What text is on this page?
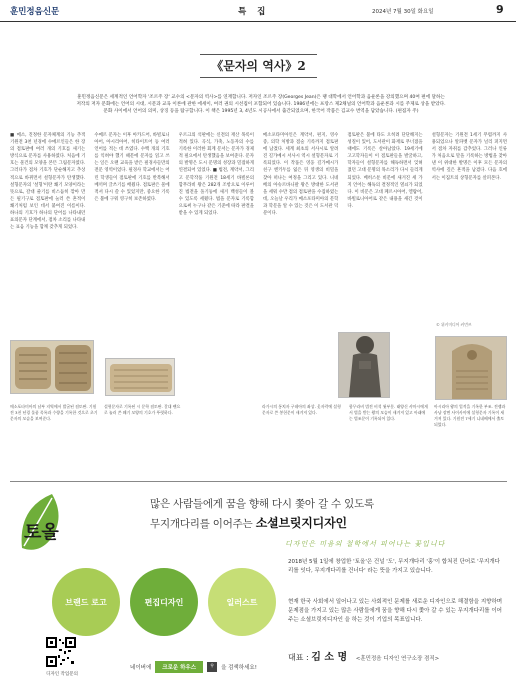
훈민정음신문	특 집	2024년 7월 30일 화요일	9
《문자의 역사》2
훈민정음신문은 세계적인 언어학자 '조르주 장' 교수의 <문자의 역사>를 연재합니다. 저자인 조르주 장(Georges Jean)은 랭 대학에서 언어학과 음운론을 강의했으며 40여 편에 달하는 저작의 저자 문화에는 언어의 시대, 시문과 교육 이론에 관한 에세이, 여러 권의 시선집이 포함되어 있습니다. 1986년에는 프랑스 제2채널의 언어학과 음운론과 시를 주제로 상을 받았다. 문화 사이에서 언어의 의미, 상징 등을 탐구합니다. 이 책은 1995년 3, 4년도 시공사에서 출간되었으며, 한국어 작품은 김교수 번역을 담았습니다. (편집자 주)
■ 메소, 진정한 문자체계의 기능 추적 기원전 3천 년경에 수메르인들은 한 장의 점토판에 여러 개의 기호를 새기는 방식으로 문자를 사용하였다. 처음에 기호는 물건의 모양을 본뜬 그림문자였다. 그러다가 점차 기호가 단순해지고 추상적으로 바뀌면서 설형문자가 탄생했다. 설형문자의 '설형'이란 쐐기 모양이라는 뜻으로, 갈대 줄기를 비스듬히 깎아 만든 필기구로 점토판에 눌러 쓴 흔적이 쐐기처럼 보인 데서 붙여진 이름이다. 하나의 기호가 하나의 단어를 나타내던 표의문자 단계에서, 점차 소리를 나타내는 표음 기능을 함께 갖추게 되었다.
수메르 문자는 이후 아카드어, 바빌로니아어, 아시리아어, 히타이트어 등 여러 언어를 적는 데 쓰였다. 수백 개의 기호를 익혀야 했기 때문에 문자를 읽고 쓰는 일은 오랜 교육을 받은 필경사들만의 전문 영역이었다. 필경사 학교에서는 어린 학생들이 점토판에 기호를 반복해서 베끼며 글쓰기를 배웠다. 점토판은 물에 적셔 다시 쓸 수 있었지만, 중요한 기록은 불에 구워 영구히 보존하였다.
우르크의 석판에는 신전의 재산 목록이 적혀 있다. 곡식, 가축, 노동자의 수를 기록한 이러한 회계 문서는 문자가 경제적 필요에서 탄생했음을 보여준다. 문자의 발명은 도시 문명의 성장과 밀접하게 연결되어 있었다. ■ 법전, 계약서, 그리고 문학작품 기원전 18세기 바빌론의 함무라비 왕은 282개 조항으로 이루어진 법전을 돌기둥에 새겨 백성들이 볼 수 있도록 세웠다. 법을 문자로 기록함으로써 누구나 같은 기준에 따라 판결을 받을 수 있게 되었다.
메소포타미아인은 계약서, 편지, 영수증, 의학 처방과 점술 기록까지 점토판에 남겼다. 세계 최초의 서사시로 알려진 길가메시 서사시 역시 설형문자로 기록되었다. 이 작품은 영웅 길가메시가 친구 엔키두를 잃은 뒤 영생의 비밀을 찾아 떠나는 여정을 그리고 있다. 니네베의 아슈르바니팔 왕은 방대한 도서관을 세워 수만 점의 점토판을 수집하였는데, 오늘날 우리가 메소포타미아의 문학과 학문을 알 수 있는 것은 이 도서관 덕분이다.
점토판은 불에 타도 오히려 단단해지는 성질이 있어, 도서관이 화재로 무너졌을 때에도 기록은 살아남았다. 19세기에 고고학자들이 이 점토판들을 발굴하고, 학자들이 설형문자를 해독하면서 잊혀졌던 고대 문명의 목소리가 다시 들리게 되었다. 베히스툰 비문에 새겨진 세 가지 언어는 해독의 결정적인 열쇠가 되었다. 이 비문은 고대 페르시아어, 엘람어, 바빌로니아어로 같은 내용을 새긴 것이다.
설형문자는 기원전 1세기 무렵까지 사용되었으나 알파벳 문자가 널리 퍼지면서 점차 자취를 감추었다. 그러나 인류가 처음으로 말을 기록하는 방법을 찾아낸 이 위대한 발명은 이후 모든 문자의 역사에 깊은 흔적을 남겼다. 다음 호에서는 이집트의 상형문자를 살펴본다.
© 위키미디어 커먼즈
메소포타미아의 남부 지역에서 발굴된 점토판. 기원전 3천 년경 물품 목록과 수량을 기록한 것으로 초기 문자의 모습을 보여준다.
설형문자로 기록된 시 문학 점토판. 갈대 펜으로 눌러 쓴 쐐기 모양의 기호가 뚜렷하다.
라가시의 통치자 구데아의 좌상. 옷자락에 설형문자로 쓴 봉헌문이 새겨져 있다.
함무라비 법전 비석 윗부분. 태양신 샤마시에게서 법을 받는 왕의 모습이 새겨져 있고 아래에는 법조문이 기록되어 있다.
아시리아 왕의 업적을 기록한 부조. 전쟁과 사냥 장면 사이사이에 설형문자 기록이 새겨져 있다. 기원전 7세기 니네베에서 출토되었다.
토올
많은 사람들에게 꿈을 향해 다시 쫓아 갈 수 있도록
무지개다리를 이어주는 소셜브릿지디자인
디자인은 미음의 철학에서 피어나는 꽃입니다
브랜드 로고	편집디자인	일러스트
2018년 5월 1일에 창업한 '토올'은 건널 '도', 무지개다리 '홍'이 합쳐진 단어로 '무지개다리를 잇다, 무지개다리를 건너다' 라는 뜻을 가지고 있습니다.
현재 한국 사회에서 일어나고 있는 사회적인 문제를 새로운 디자인으로 해결함을 지향하며 문제점을 가지고 있는 많은 사람들에게 꿈을 향해 다시 쫓아 갈 수 있는 무지개다리를 이어주는 소셜브릿지디자인 을 하는 것이 기업의 목표입니다.
대표 : 김 소 명 <훈민정음 디자인 연구소장 겸직>
디자인 작업문의
네이버에 크로운 하우스	⚲	을 검색하세요!
